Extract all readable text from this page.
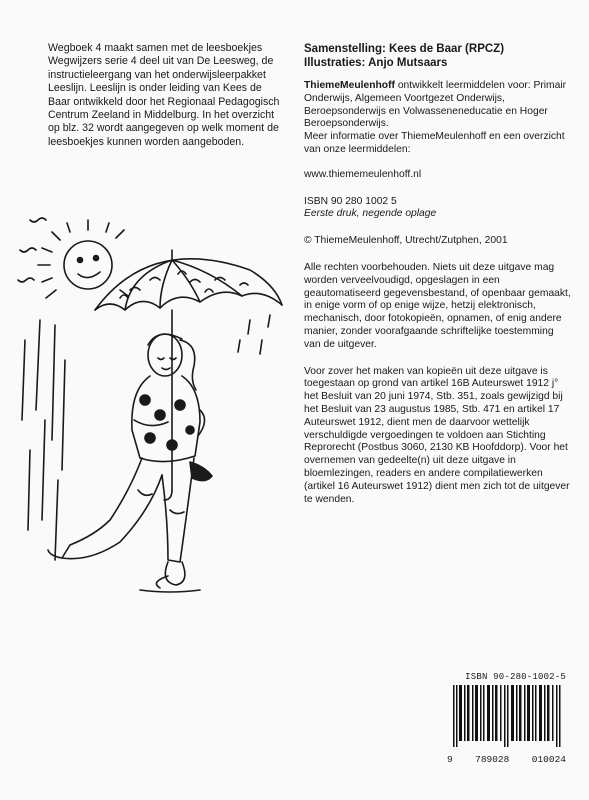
Wegboek 4 maakt samen met de leesboekjes Wegwijzers serie 4 deel uit van De Leesweg, de instructieleergang van het onderwijsleerpakket Leeslijn. Leeslijn is onder leiding van Kees de Baar ontwikkeld door het Regionaal Pedagogisch Centrum Zeeland in Middelburg. In het overzicht op blz. 32 wordt aangegeven op welk moment de leesboekjes kunnen worden aangeboden.

Samenstelling: Kees de Baar (RPCZ)

Illustraties: Anjo Mutsaars

ThiemeMeulenhoff ontwikkelt leermiddelen voor: Primair Onderwijs, Algemeen Voortgezet Onderwijs, Beroepsonderwijs en Volwasseneneducatie en Hoger Beroepsonderwijs.

Meer informatie over ThiemeMeulenhoff en een overzicht van onze leermiddelen:

www.thiememeulenhoff.nl

ISBN 90 280 1002 5

Eerste druk, negende oplage

© ThiemeMeulenhoff, Utrecht/Zutphen, 2001

Alle rechten voorbehouden. Niets uit deze uitgave mag worden verveelvoudigd, opgeslagen in een geautomatiseerd gegevensbestand, of openbaar gemaakt, in enige vorm of op enige wijze, hetzij elektronisch, mechanisch, door fotokopieën, opnamen, of enig andere manier, zonder voorafgaande schriftelijke toestemming van de uitgever.

Voor zover het maken van kopieën uit deze uitgave is toegestaan op grond van artikel 16B Auteurswet 1912 j° het Besluit van 20 juni 1974, Stb. 351, zoals gewijzigd bij het Besluit van 23 augustus 1985, Stb. 471 en artikel 17 Auteurswet 1912, dient men de daarvoor wettelijk verschuldigde vergoedingen te voldoen aan Stichting Reprorecht (Postbus 3060, 2130 KB Hoofddorp). Voor het overnemen van gedeelte(n) uit deze uitgave in bloemlezingen, readers en andere compilatiewerken (artikel 16 Auteurswet 1912) dient men zich tot de uitgever te wenden.

ISBN 90-280-1002-5
9 789028 010024
